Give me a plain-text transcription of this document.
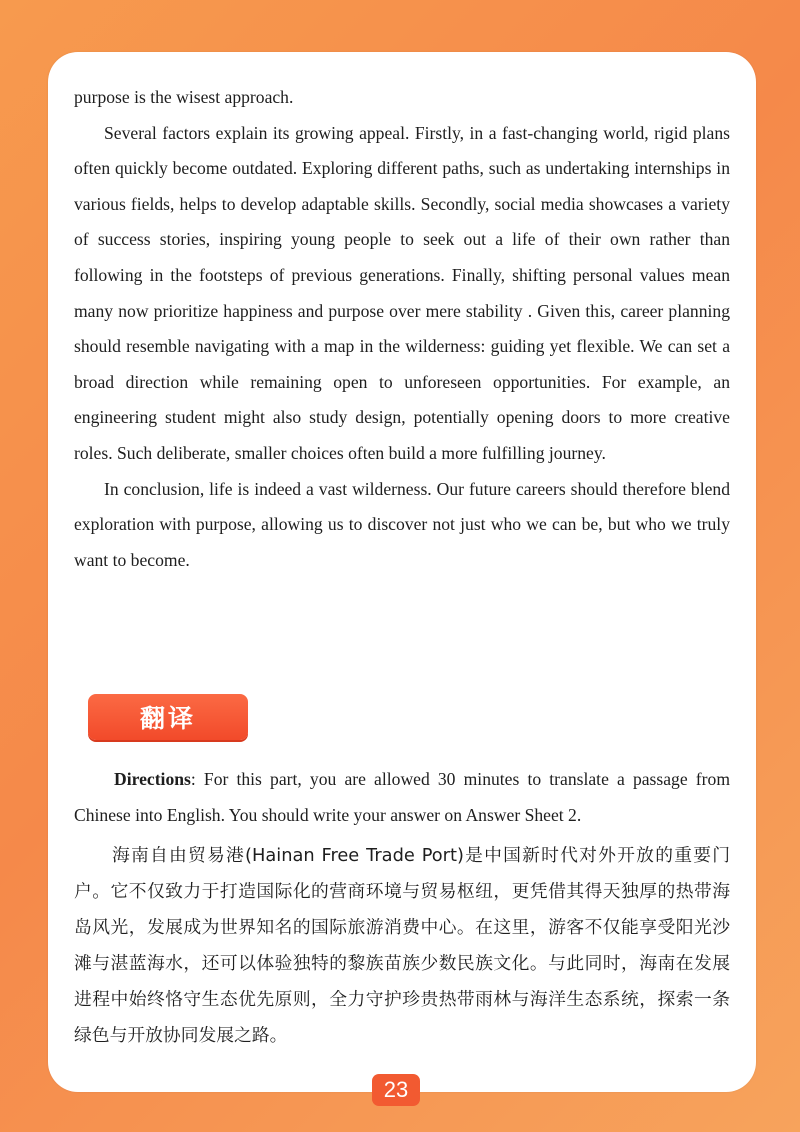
purpose is the wisest approach.

Several factors explain its growing appeal. Firstly, in a fast-changing world, rigid plans often quickly become outdated. Exploring different paths, such as undertaking internships in various fields, helps to develop adaptable skills. Secondly, social media showcases a variety of success stories, inspiring young people to seek out a life of their own rather than following in the footsteps of previous generations. Finally, shifting personal values mean many now prioritize happiness and purpose over mere stability . Given this, career planning should resemble navigating with a map in the wilderness: guiding yet flexible. We can set a broad direction while remaining open to unforeseen opportunities. For example, an engineering student might also study design, potentially opening doors to more creative roles. Such deliberate, smaller choices often build a more fulfilling journey.

In conclusion, life is indeed a vast wilderness. Our future careers should therefore blend exploration with purpose, allowing us to discover not just who we can be, but who we truly want to become.

翻译

Directions: For this part, you are allowed 30 minutes to translate a passage from Chinese into English. You should write your answer on Answer Sheet 2.

海南自由贸易港(Hainan Free Trade Port)是中国新时代对外开放的重要门户。它不仅致力于打造国际化的营商环境与贸易枢纽，更凭借其得天独厚的热带海岛风光，发展成为世界知名的国际旅游消费中心。在这里，游客不仅能享受阳光沙滩与湛蓝海水，还可以体验独特的黎族苗族少数民族文化。与此同时，海南在发展进程中始终恪守生态优先原则，全力守护珍贵热带雨林与海洋生态系统，探索一条绿色与开放协同发展之路。

23
